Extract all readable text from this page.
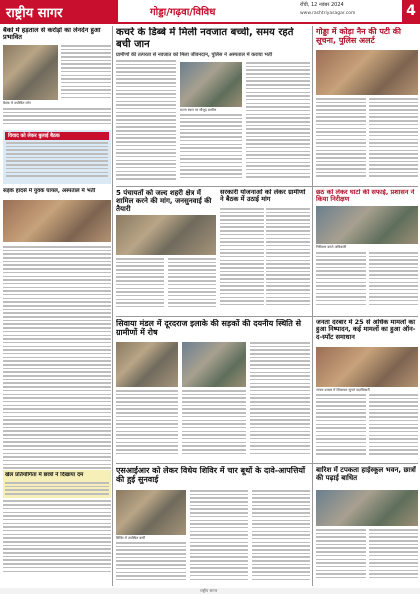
राष्ट्रीय सागर	गोड्डा/गढ़वा/विविध
राँची, 12 नवंबर 2024
www.rashtriyasagar.com	4
बैंकों में हड़ताल से करोड़ों का लेनदेन हुआ प्रभावित
बैठक में उपस्थित लोग
कचरे के डिब्बे में मिली नवजात बच्ची, समय रहते बची जान
ग्रामीणों की तत्परता से नवजात को मिला जीवनदान, पुलिस ने अस्पताल में कराया भर्ती
घटना स्थल पर मौजूद ग्रामीण
गोड्डा में कोड़ा नैन की पटी की सूचना, पुलिस अलर्ट
विवाद को लेकर बुलाई बैठक
5 पंचायतों को जल्द शहरी क्षेत्र में शामिल करने की मांग, जनसुनवाई की तैयारी
सरकारी योजनाओं को लेकर ग्रामीणों ने बैठक में उठाई मांग
छठ को लेकर घाटों की सफाई, प्रशासन ने किया निरीक्षण
निरीक्षण करते अधिकारी
सड़क हादसे में युवक घायल, अस्पताल में भर्ती
सिवाया मंडल में दूरदराज इलाके की सड़कों की दयनीय स्थिति से ग्रामीणों में रोष
जनता दरबार में 25 से अधिक मामलों का हुआ निष्पादन, कई मामलों का हुआ ऑन-द-स्पॉट समाधान
जनता दरबार में शिकायत सुनते पदाधिकारी
एसआईआर को लेकर विधेय शिविर में चार बूथों के दावे-आपत्तियों की हुई सुनवाई
शिविर में उपस्थित कर्मी
बारिश में टपकता हाईस्कूल भवन, छात्रों की पढ़ाई बाधित
खेल प्रतियोगिता में छात्रों ने दिखाया दम
राष्ट्रीय सागर
